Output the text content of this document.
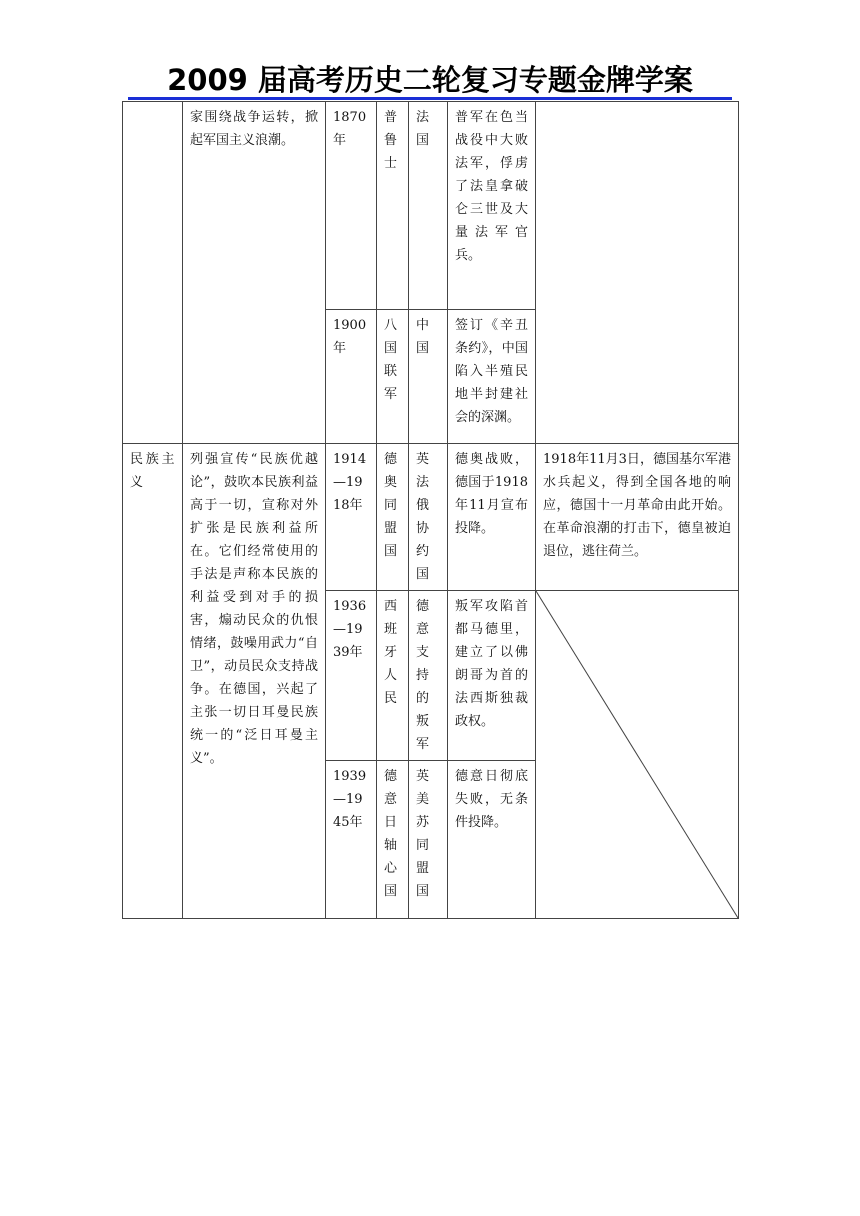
2009 届高考历史二轮复习专题金牌学案
	家围绕战争运转，掀起军国主义浪潮。	1870年	普鲁士	法国	普军在色当战役中大败法军，俘虏了法皇拿破仑三世及大量法军官兵。	
		1900年	八国联军	中国	签订《辛丑条约》，中国陷入半殖民地半封建社会的深渊。	
民族主义	列强宣传“民族优越论”，鼓吹本民族利益高于一切，宣称对外扩张是民族利益所在。它们经常使用的手法是声称本民族的利益受到对手的损害，煽动民众的仇恨情绪，鼓噪用武力“自卫”，动员民众支持战争。在德国，兴起了主张一切日耳曼民族统一的“泛日耳曼主义”。	1914—1918年	德奥同盟国	英法俄协约国	德奥战败，德国于1918年11月宣布投降。	1918年11月3日，德国基尔军港水兵起义，得到全国各地的响应，德国十一月革命由此开始。在革命浪潮的打击下，德皇被迫退位，逃往荷兰。
		1936—1939年	西班牙人民	德意支持的叛军	叛军攻陷首都马德里，建立了以佛朗哥为首的法西斯独裁政权。	

		1939—1945年	德意日轴心国	英美苏同盟国	德意日彻底失败，无条件投降。	
